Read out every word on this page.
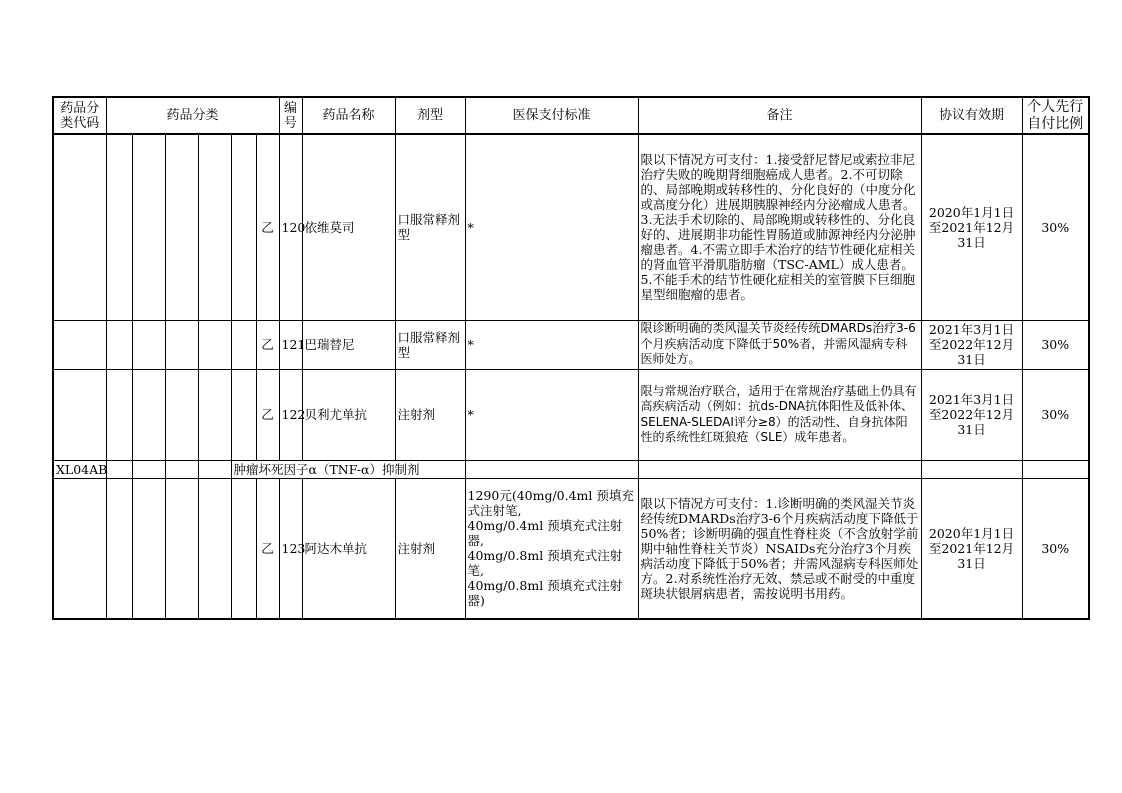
药品分类代码	药品分类						编号	药品名称	剂型	医保支付标准	备注	协议有效期	个人先行自付比例
						乙	120	依维莫司	口服常释剂型	*	限以下情况方可支付：1.接受舒尼替尼或索拉非尼治疗失败的晚期肾细胞癌成人患者。2.不可切除的、局部晚期或转移性的、分化良好的（中度分化或高度分化）进展期胰腺神经内分泌瘤成人患者。3.无法手术切除的、局部晚期或转移性的、分化良好的、进展期非功能性胃肠道或肺源神经内分泌肿瘤患者。4.不需立即手术治疗的结节性硬化症相关的肾血管平滑肌脂肪瘤（TSC-AML）成人患者。5.不能手术的结节性硬化症相关的室管膜下巨细胞星型细胞瘤的患者。	2020年1月1日至2021年12月31日	30%
						乙	121	巴瑞替尼	口服常释剂型	*	限诊断明确的类风湿关节炎经传统DMARDs治疗3-6个月疾病活动度下降低于50%者，并需风湿病专科医师处方。	2021年3月1日至2022年12月31日	30%
						乙	122	贝利尤单抗	注射剂	*	限与常规治疗联合，适用于在常规治疗基础上仍具有高疾病活动（例如：抗ds-DNA抗体阳性及低补体、SELENA-SLEDAI评分≥8）的活动性、自身抗体阳性的系统性红斑狼疮（SLE）成年患者。	2021年3月1日至2022年12月31日	30%
XL04AB					肿瘤坏死因子α（TNF-α）抑制剂								
						乙	123	阿达木单抗	注射剂	1290元(40mg/0.4ml 预填充式注射笔,
40mg/0.4ml 预填充式注射器,
40mg/0.8ml 预填充式注射笔,
40mg/0.8ml 预填充式注射器)	限以下情况方可支付：1.诊断明确的类风湿关节炎经传统DMARDs治疗3-6个月疾病活动度下降低于50%者；诊断明确的强直性脊柱炎（不含放射学前期中轴性脊柱关节炎）NSAIDs充分治疗3个月疾病活动度下降低于50%者；并需风湿病专科医师处方。2.对系统性治疗无效、禁忌或不耐受的中重度斑块状银屑病患者，需按说明书用药。	2020年1月1日至2021年12月31日	30%
